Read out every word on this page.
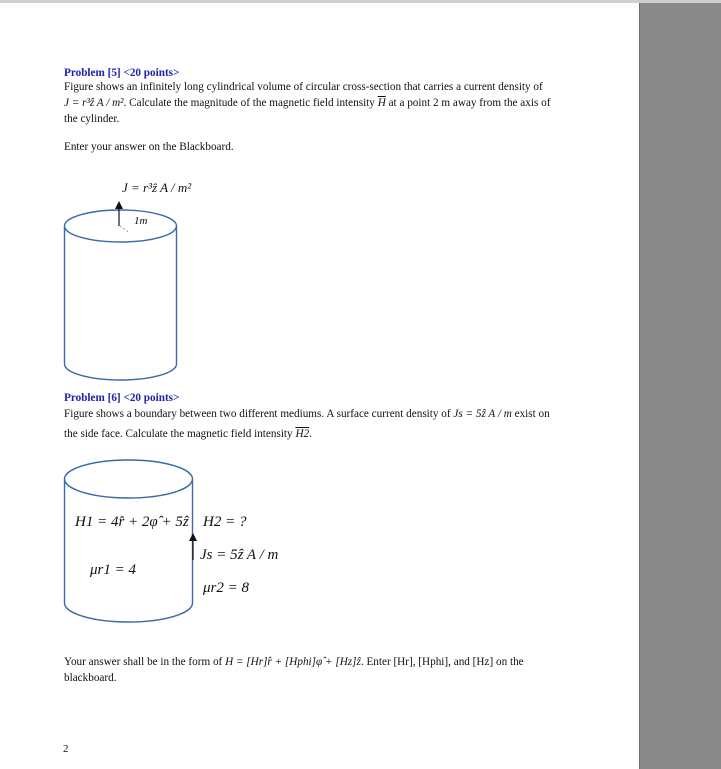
Problem [5] <20 points>
Figure shows an infinitely long cylindrical volume of circular cross-section that carries a current density of
J = r³ẑ A / m². Calculate the magnitude of the magnetic field intensity $\overline{H}$ at a point 2 m away from the axis of
the cylinder.
Enter your answer on the Blackboard.
J = r³ẑ A / m²
1m
Problem [6] <20 points>
Figure shows a boundary between two different mediums. A surface current density of Js = 5ẑ A / m exist on
the side face. Calculate the magnetic field intensity H2.
H1 = 4r̂ + 2φ̂ + 5ẑ
μr1 = 4
H2 = ?
Js = 5ẑ A / m
μr2 = 8
Your answer shall be in the form of H = [Hr]r̂ + [Hphi]φ̂ + [Hz]ẑ. Enter [Hr], [Hphi], and [Hz] on the
blackboard.
2
